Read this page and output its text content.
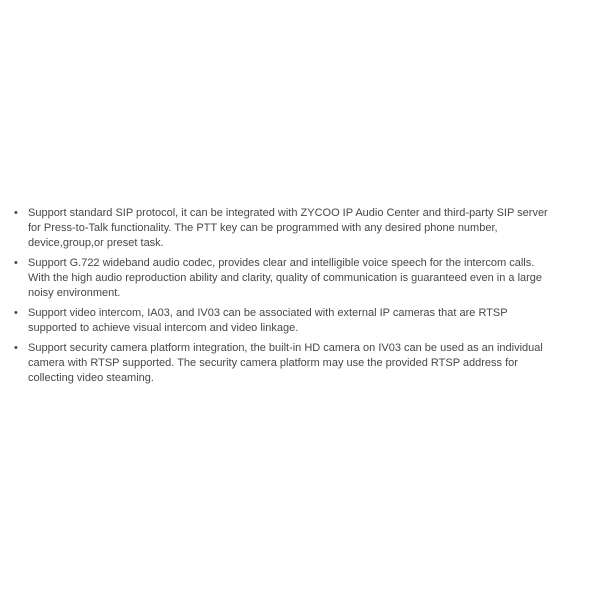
• Support standard SIP protocol, it can be integrated with ZYCOO IP Audio Center and third-party SIP server
for Press-to-Talk functionality. The PTT key can be programmed with any desired phone number,
device,group,or preset task.
• Support G.722 wideband audio codec, provides clear and intelligible voice speech for the intercom calls.
With the high audio reproduction ability and clarity, quality of communication is guaranteed even in a large
noisy environment.
• Support video intercom, IA03, and IV03 can be associated with external IP cameras that are RTSP
supported to achieve visual intercom and video linkage.
• Support security camera platform integration, the built-in HD camera on IV03 can be used as an individual
camera with RTSP supported. The security camera platform may use the provided RTSP address for
collecting video steaming.
